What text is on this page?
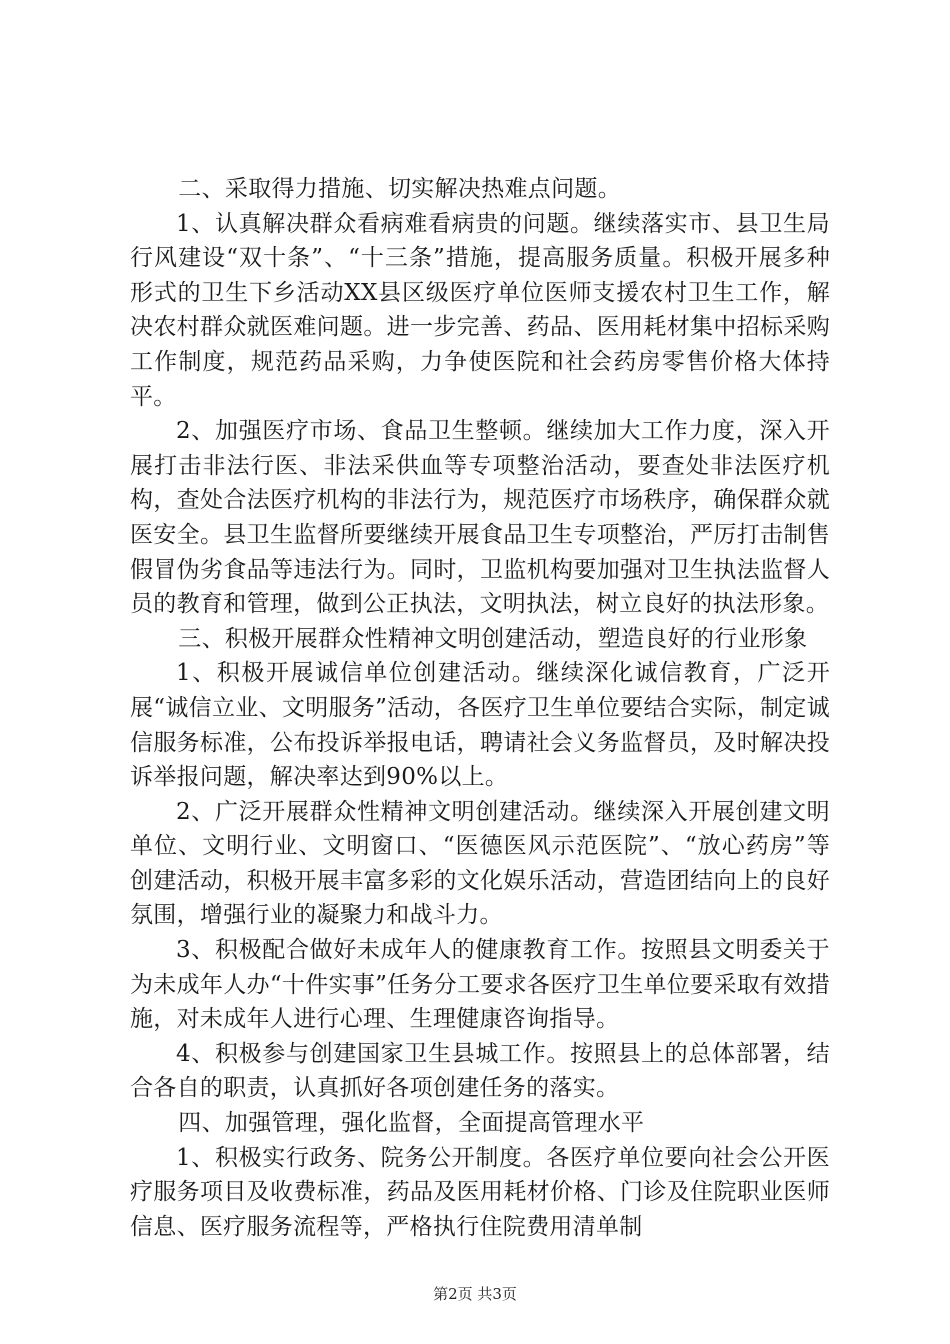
二、采取得力措施、切实解决热难点问题。

1、认真解决群众看病难看病贵的问题。继续落实市、县卫生局行风建设“双十条”、“十三条”措施，提高服务质量。积极开展多种形式的卫生下乡活动XX县区级医疗单位医师支援农村卫生工作，解决农村群众就医难问题。进一步完善、药品、医用耗材集中招标采购工作制度，规范药品采购，力争使医院和社会药房零售价格大体持平。

2、加强医疗市场、食品卫生整顿。继续加大工作力度，深入开展打击非法行医、非法采供血等专项整治活动，要查处非法医疗机构，查处合法医疗机构的非法行为，规范医疗市场秩序，确保群众就医安全。县卫生监督所要继续开展食品卫生专项整治，严厉打击制售假冒伪劣食品等违法行为。同时，卫监机构要加强对卫生执法监督人员的教育和管理，做到公正执法，文明执法，树立良好的执法形象。

三、积极开展群众性精神文明创建活动，塑造良好的行业形象

1、积极开展诚信单位创建活动。继续深化诚信教育，广泛开展“诚信立业、文明服务”活动，各医疗卫生单位要结合实际，制定诚信服务标准，公布投诉举报电话，聘请社会义务监督员，及时解决投诉举报问题，解决率达到90%以上。

2、广泛开展群众性精神文明创建活动。继续深入开展创建文明单位、文明行业、文明窗口、“医德医风示范医院”、“放心药房”等创建活动，积极开展丰富多彩的文化娱乐活动，营造团结向上的良好氛围，增强行业的凝聚力和战斗力。

3、积极配合做好未成年人的健康教育工作。按照县文明委关于为未成年人办“十件实事”任务分工要求各医疗卫生单位要采取有效措施，对未成年人进行心理、生理健康咨询指导。

4、积极参与创建国家卫生县城工作。按照县上的总体部署，结合各自的职责，认真抓好各项创建任务的落实。

四、加强管理，强化监督，全面提高管理水平

1、积极实行政务、院务公开制度。各医疗单位要向社会公开医疗服务项目及收费标准，药品及医用耗材价格、门诊及住院职业医师信息、医疗服务流程等，严格执行住院费用清单制

第2页 共3页
